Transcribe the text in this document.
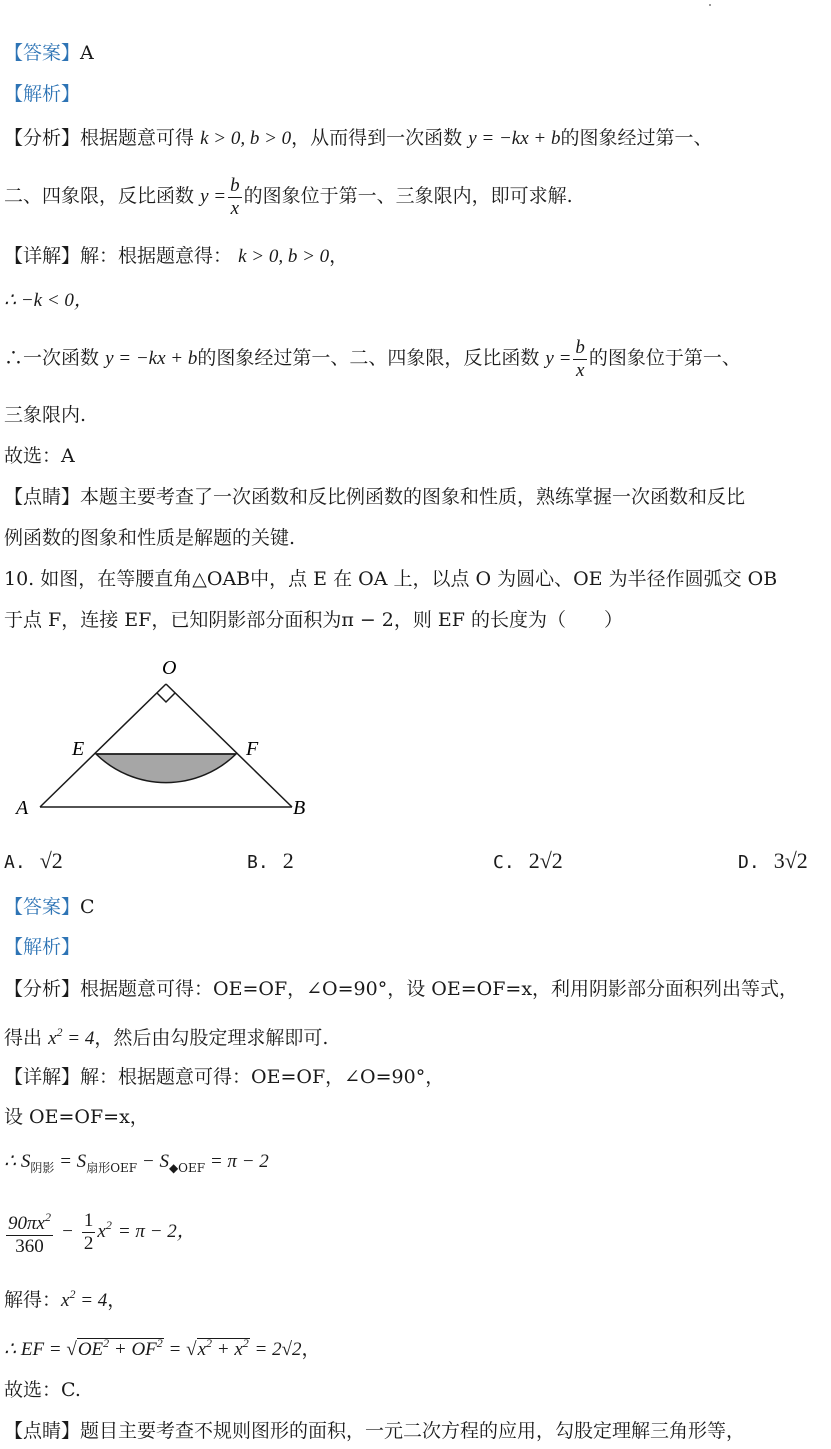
【答案】A
【解析】
【分析】根据题意可得 k > 0, b > 0，从而得到一次函数 y = −kx + b的图象经过第一、
二、四象限，反比函数 $y = \frac{b}{x}$ 的图象位于第一、三象限内，即可求解.
【详解】解：根据题意得： k > 0, b > 0，
∴ −k < 0，
∴一次函数 y = −kx + b的图象经过第一、二、四象限，反比函数 $y = \frac{b}{x}$ 的图象位于第一、
三象限内.
故选：A
【点睛】本题主要考查了一次函数和反比例函数的图象和性质，熟练掌握一次函数和反比
例函数的图象和性质是解题的关键.
10. 如图，在等腰直角△OAB中，点 E 在 OA 上，以点 O 为圆心、OE 为半径作圆弧交 OB
于点 F，连接 EF，已知阴影部分面积为π − 2，则 EF 的长度为（　　）
O
E	F
A	B
A. √2	B. 2	C. 2√2	D. 3√2
【答案】C
【解析】
【分析】根据题意可得：OE=OF，∠O=90°，设 OE=OF=x，利用阴影部分面积列出等式，
得出 $x^2 = 4$，然后由勾股定理求解即可.
【详解】解：根据题意可得：OE=OF，∠O=90°，
设 OE=OF=x，
∴ $S_{阴影} = S_{扇形OEF} - S_{◆OEF} = \pi - 2$
$\frac{90\pi x^2}{360} - \frac{1}{2} x^2 = \pi - 2$，
解得：$x^2 = 4$，
∴ EF = $√OE^2 + OF^2 = √x^2 + x^2 = 2√2$，
故选：C.
【点睛】题目主要考查不规则图形的面积，一元二次方程的应用，勾股定理解三角形等，
